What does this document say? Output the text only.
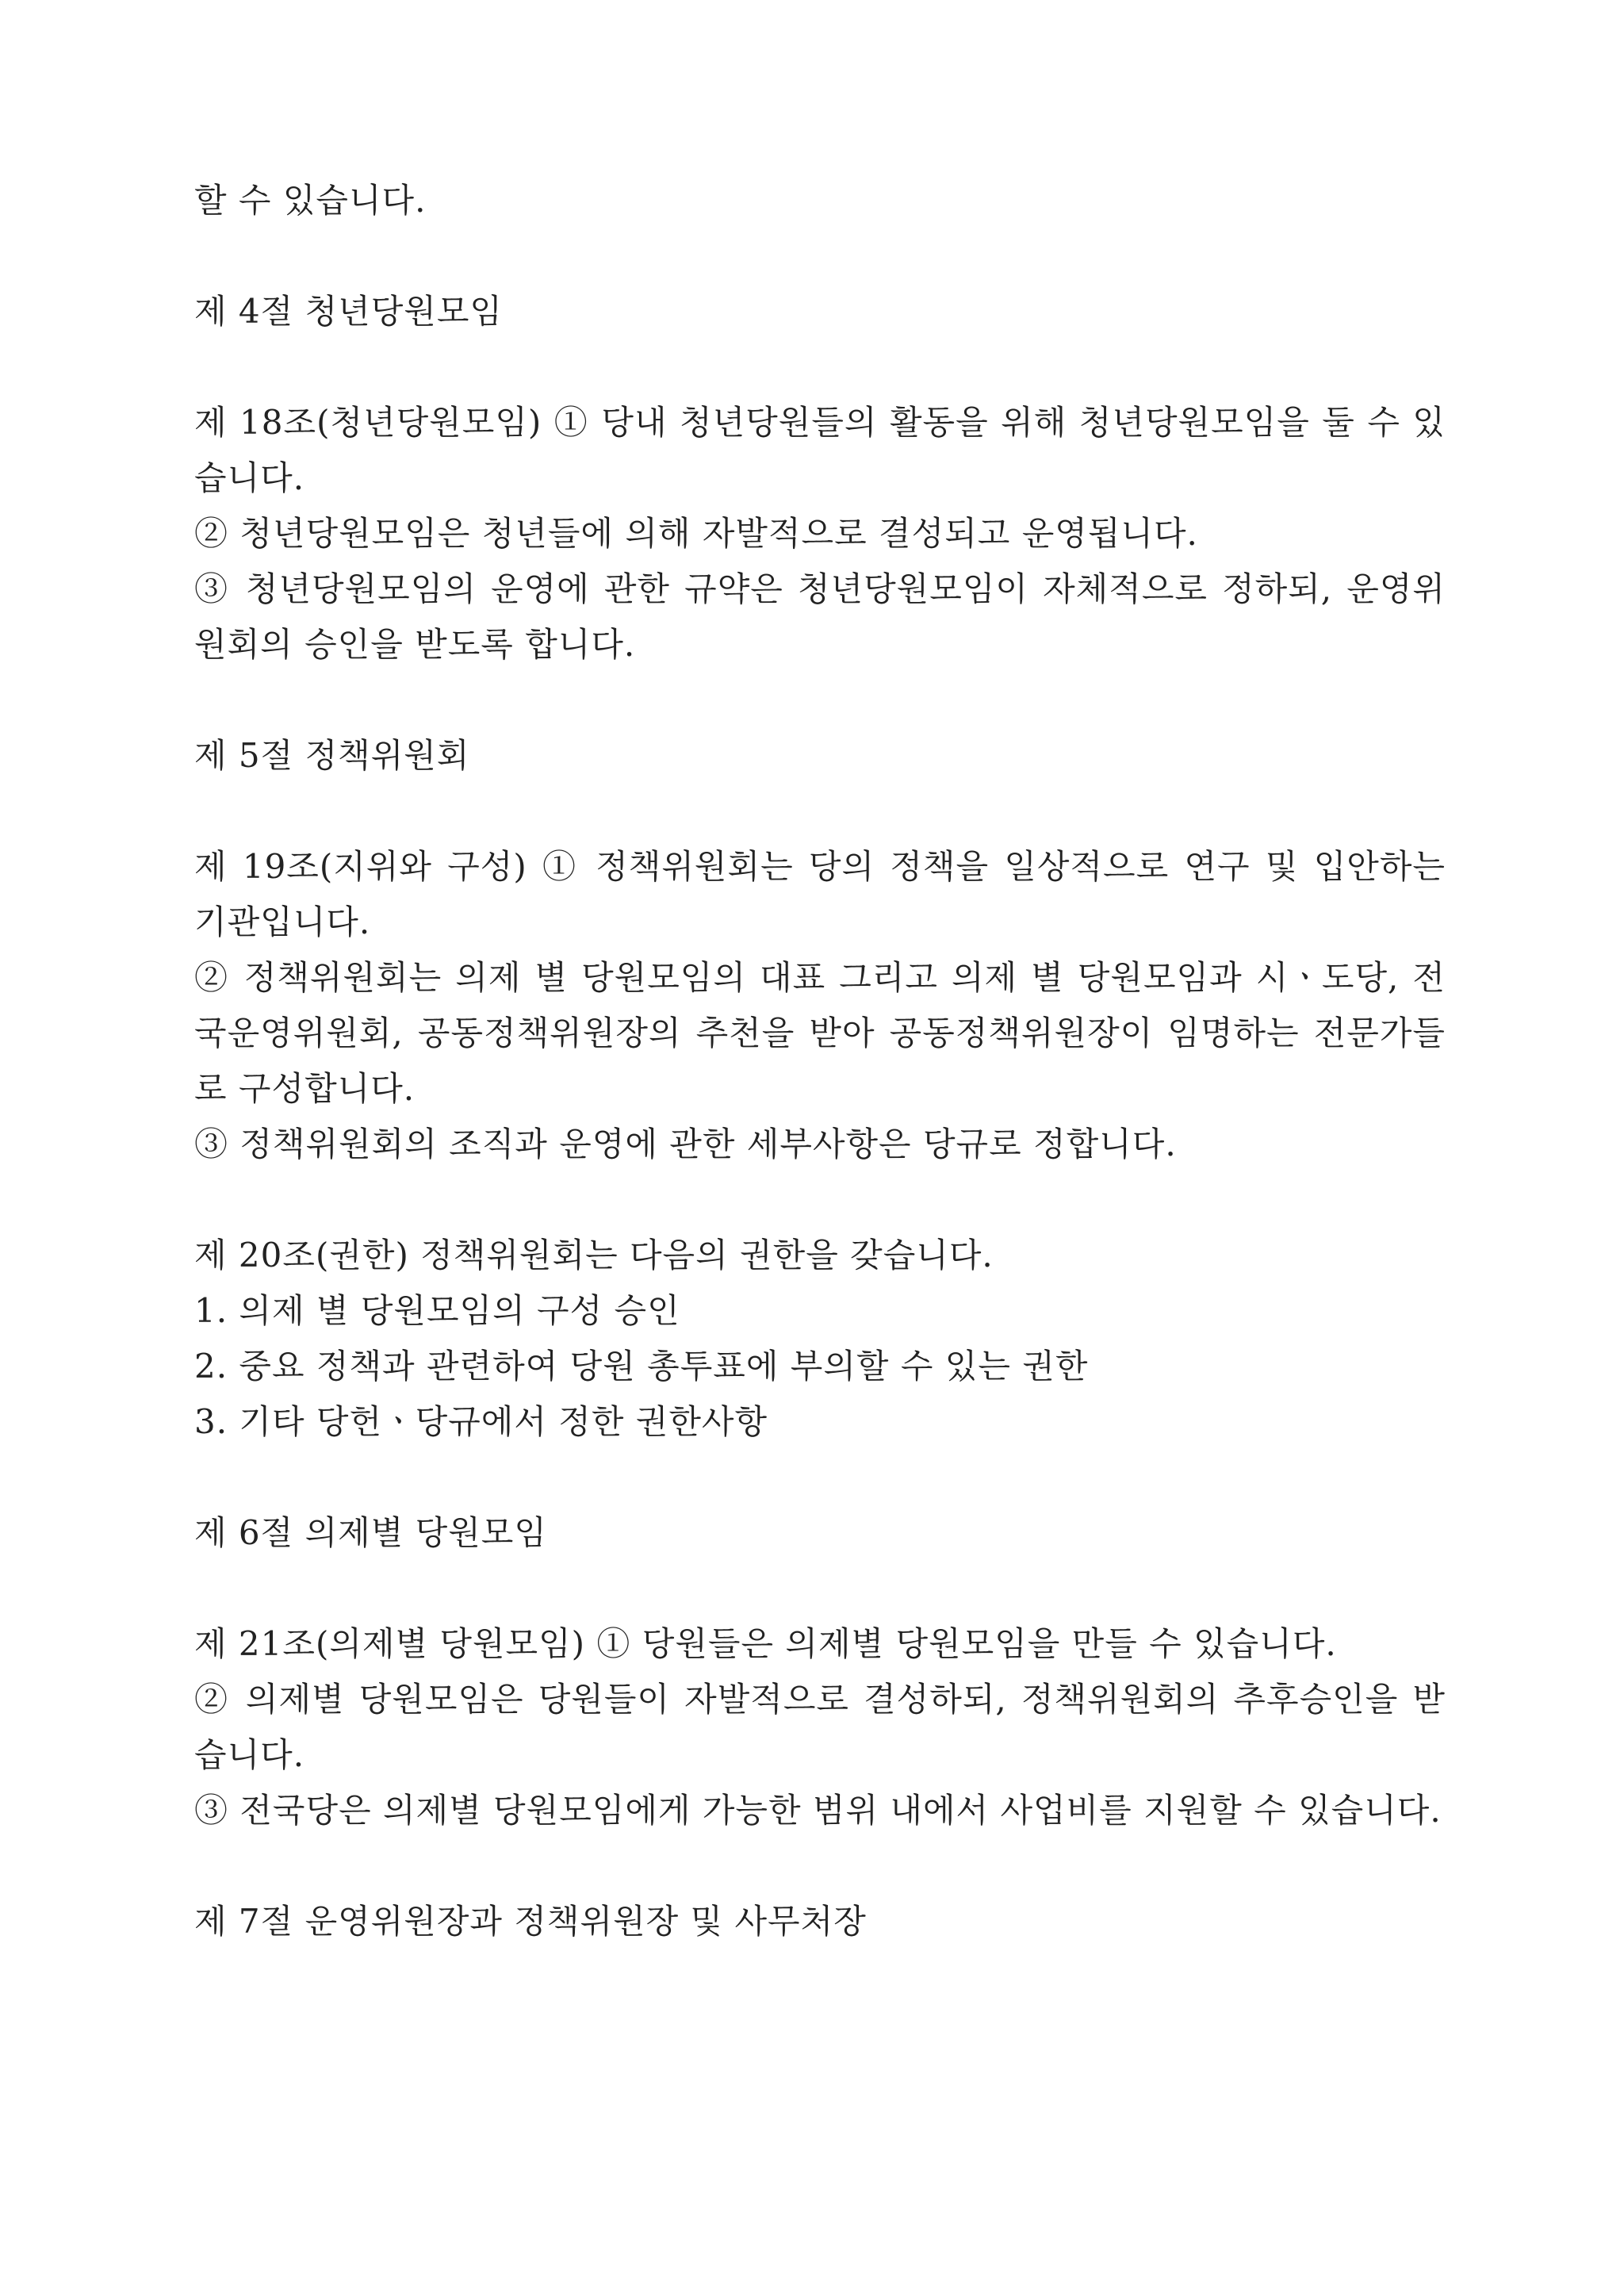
할 수 있습니다.
제 4절 청년당원모임
제 18조(청년당원모임) ① 당내 청년당원들의 활동을 위해 청년당원모임을 둘 수 있습니다.
② 청년당원모임은 청년들에 의해 자발적으로 결성되고 운영됩니다.
③ 청년당원모임의 운영에 관한 규약은 청년당원모임이 자체적으로 정하되, 운영위원회의 승인을 받도록 합니다.
제 5절 정책위원회
제 19조(지위와 구성) ① 정책위원회는 당의 정책을 일상적으로 연구 및 입안하는 기관입니다.
② 정책위원회는 의제 별 당원모임의 대표 그리고 의제 별 당원모임과 시ㆍ도당, 전국운영위원회, 공동정책위원장의 추천을 받아 공동정책위원장이 임명하는 전문가들로 구성합니다.
③ 정책위원회의 조직과 운영에 관한 세부사항은 당규로 정합니다.
제 20조(권한) 정책위원회는 다음의 권한을 갖습니다.
1. 의제 별 당원모임의 구성 승인
2. 중요 정책과 관련하여 당원 총투표에 부의할 수 있는 권한
3. 기타 당헌ㆍ당규에서 정한 권한사항
제 6절 의제별 당원모임
제 21조(의제별 당원모임) ① 당원들은 의제별 당원모임을 만들 수 있습니다.
② 의제별 당원모임은 당원들이 자발적으로 결성하되, 정책위원회의 추후승인을 받습니다.
③ 전국당은 의제별 당원모임에게 가능한 범위 내에서 사업비를 지원할 수 있습니다.
제 7절 운영위원장과 정책위원장 및 사무처장
